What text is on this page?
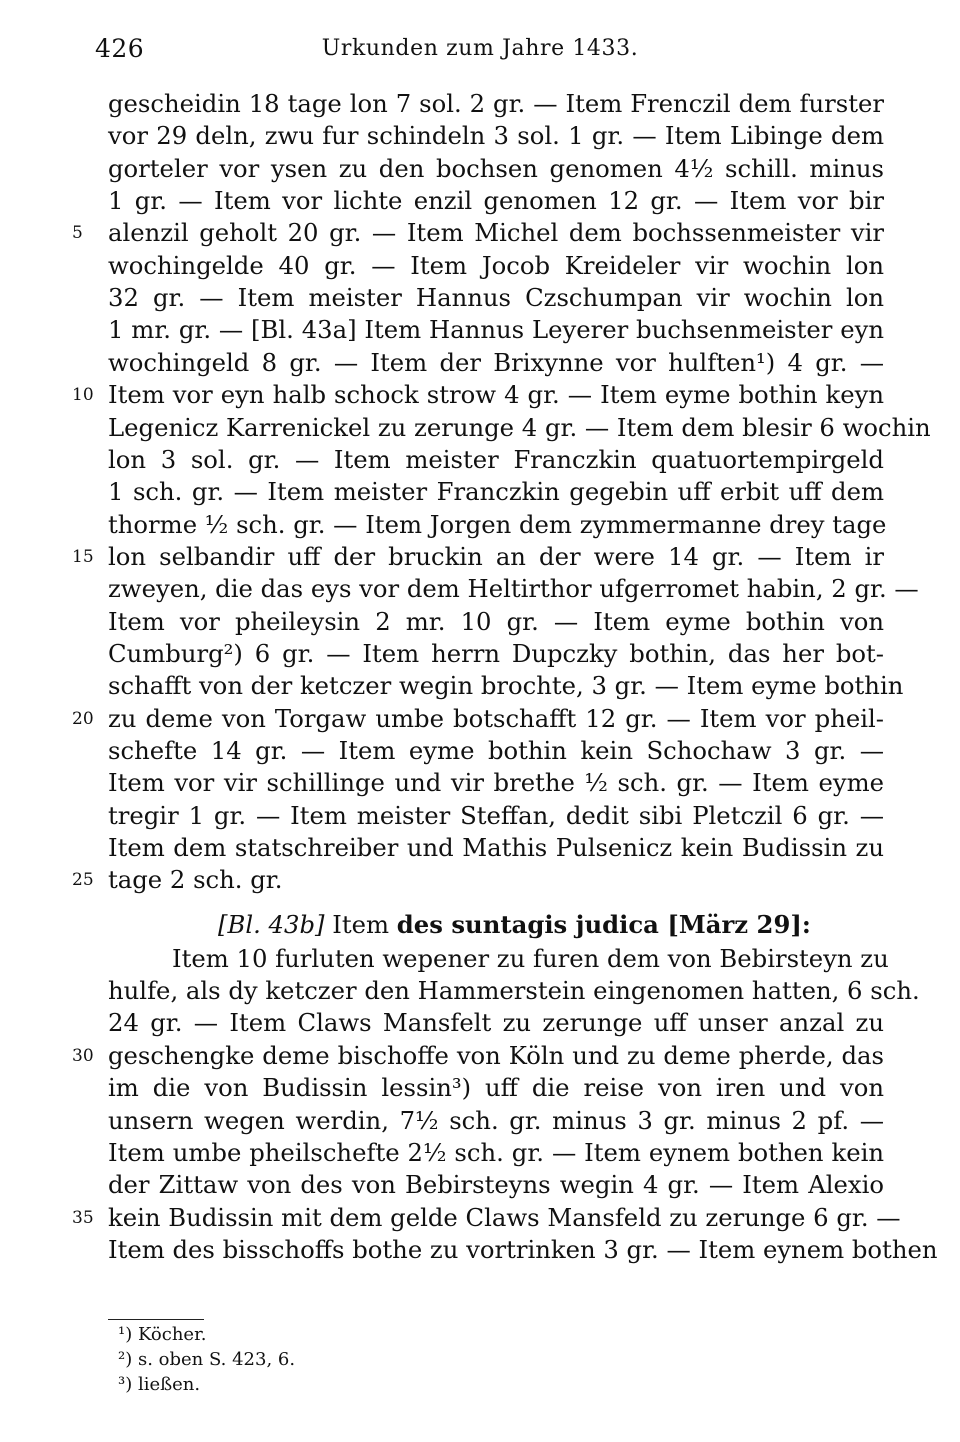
426	Urkunden zum Jahre 1433.
gescheidin 18 tage lon 7 sol. 2 gr. — Item Frenczil dem furster
vor 29 deln, zwu fur schindeln 3 sol. 1 gr. — Item Libinge dem
gorteler vor ysen zu den bochsen genomen 4½ schill. minus
1 gr. — Item vor lichte enzil genomen 12 gr. — Item vor bir
alenzil geholt 20 gr. — Item Michel dem bochssenmeister vir
5
wochingelde 40 gr. — Item Jocob Kreideler vir wochin lon
32 gr. — Item meister Hannus Czschumpan vir wochin lon
1 mr. gr. — [Bl. 43a] Item Hannus Leyerer buchsenmeister eyn
wochingeld 8 gr. — Item der Brixynne vor hulften¹) 4 gr. —
Item vor eyn halb schock strow 4 gr. — Item eyme bothin keyn
10
Legenicz Karrenickel zu zerunge 4 gr. — Item dem blesir 6 wochin
lon 3 sol. gr. — Item meister Franczkin quatuortempirgeld
1 sch. gr. — Item meister Franczkin gegebin uff erbit uff dem
thorme ½ sch. gr. — Item Jorgen dem zymmermanne drey tage
lon selbandir uff der bruckin an der were 14 gr. — Item ir
15
zweyen, die das eys vor dem Heltirthor ufgerromet habin, 2 gr. —
Item vor pheileysin 2 mr. 10 gr. — Item eyme bothin von
Cumburg²) 6 gr. — Item herrn Dupczky bothin, das her bot-
schafft von der ketczer wegin brochte, 3 gr. — Item eyme bothin
zu deme von Torgaw umbe botschafft 12 gr. — Item vor pheil-
20
schefte 14 gr. — Item eyme bothin kein Schochaw 3 gr. —
Item vor vir schillinge und vir brethe ½ sch. gr. — Item eyme
tregir 1 gr. — Item meister Steffan, dedit sibi Pletczil 6 gr. —
Item dem statschreiber und Mathis Pulsenicz kein Budissin zu
tage 2 sch. gr.
25
[Bl. 43b] Item des suntagis judica [März 29]:
Item 10 furluten wepener zu furen dem von Bebirsteyn zu
hulfe, als dy ketczer den Hammerstein eingenomen hatten, 6 sch.
24 gr. — Item Claws Mansfelt zu zerunge uff unser anzal zu
geschengke deme bischoffe von Köln und zu deme pherde, das
30
im die von Budissin lessin³) uff die reise von iren und von
unsern wegen werdin, 7½ sch. gr. minus 3 gr. minus 2 pf. —
Item umbe pheilschefte 2½ sch. gr. — Item eynem bothen kein
der Zittaw von des von Bebirsteyns wegin 4 gr. — Item Alexio
kein Budissin mit dem gelde Claws Mansfeld zu zerunge 6 gr. —
35
Item des bisschoffs bothe zu vortrinken 3 gr. — Item eynem bothen
¹) Köcher.
²) s. oben S. 423, 6.
³) ließen.
